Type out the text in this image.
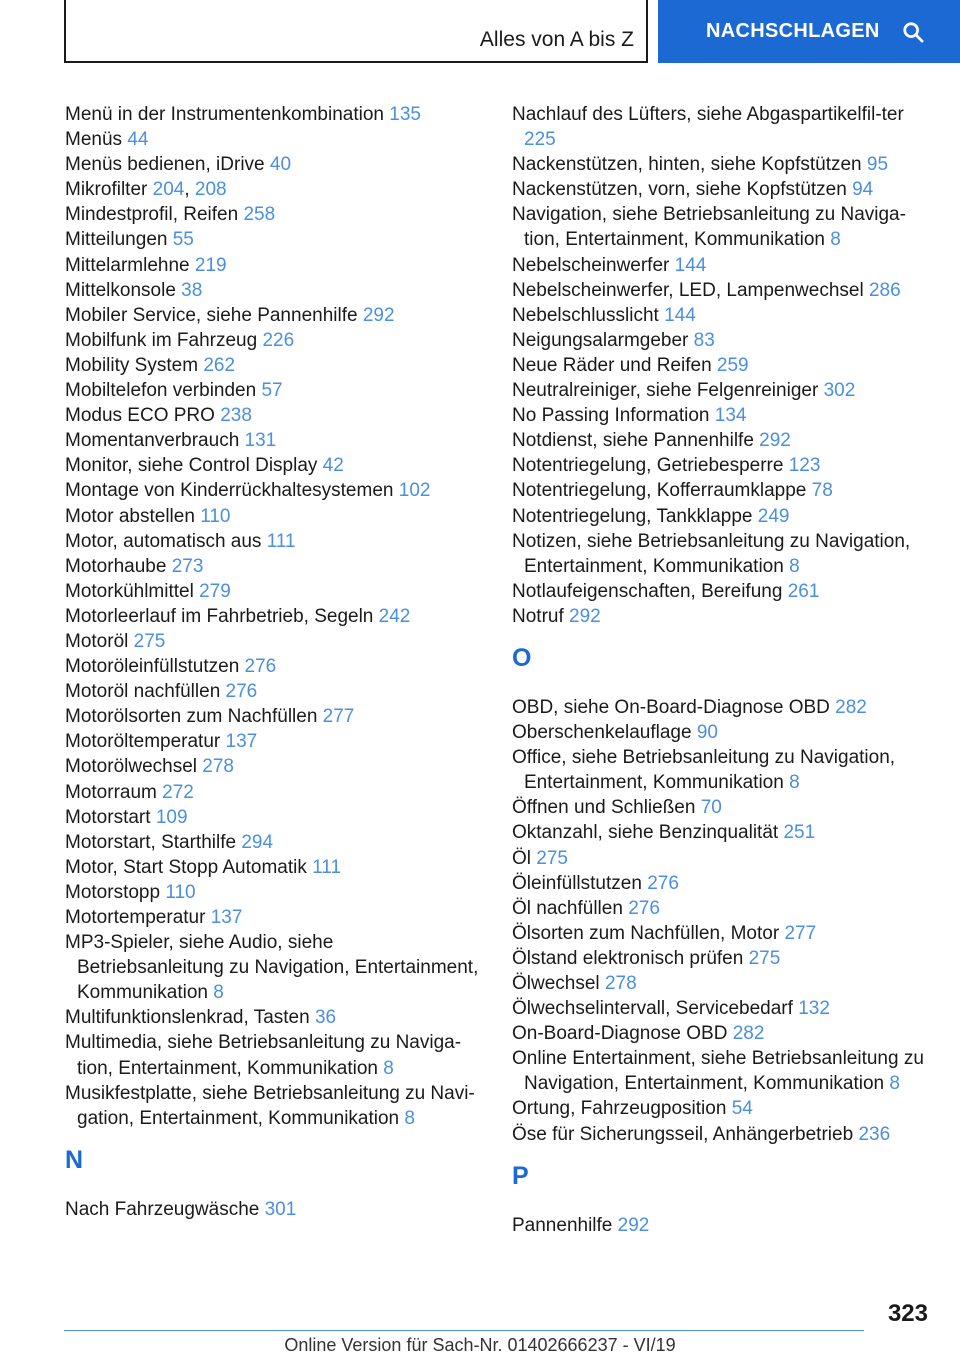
Alles von A bis Z	NACHSCHLAGEN
Menü in der Instrumentenkombination 135
Menüs 44
Menüs bedienen, iDrive 40
Mikrofilter 204, 208
Mindestprofil, Reifen 258
Mitteilungen 55
Mittelarmlehne 219
Mittelkonsole 38
Mobiler Service, siehe Pannenhilfe 292
Mobilfunk im Fahrzeug 226
Mobility System 262
Mobiltelefon verbinden 57
Modus ECO PRO 238
Momentanverbrauch 131
Monitor, siehe Control Display 42
Montage von Kinderrückhaltesystemen 102
Motor abstellen 110
Motor, automatisch aus 111
Motorhaube 273
Motorkühlmittel 279
Motorleerlauf im Fahrbetrieb, Segeln 242
Motoröl 275
Motoröleinfüllstutzen 276
Motoröl nachfüllen 276
Motorölsorten zum Nachfüllen 277
Motoröltemperatur 137
Motorölwechsel 278
Motorraum 272
Motorstart 109
Motorstart, Starthilfe 294
Motor, Start Stopp Automatik 111
Motorstopp 110
Motortemperatur 137
MP3-Spieler, siehe Audio, siehe Betriebsanleitung zu Navigation, Entertainment, Kommunikation 8
Multifunktionslenkrad, Tasten 36
Multimedia, siehe Betriebsanleitung zu Naviga-tion, Entertainment, Kommunikation 8
Musikfestplatte, siehe Betriebsanleitung zu Navi-gation, Entertainment, Kommunikation 8
N
Nach Fahrzeugwäsche 301
Nachlauf des Lüfters, siehe Abgaspartikelfil-ter 225
Nackenstützen, hinten, siehe Kopfstützen 95
Nackenstützen, vorn, siehe Kopfstützen 94
Navigation, siehe Betriebsanleitung zu Naviga-tion, Entertainment, Kommunikation 8
Nebelscheinwerfer 144
Nebelscheinwerfer, LED, Lampenwechsel 286
Nebelschlusslicht 144
Neigungsalarmgeber 83
Neue Räder und Reifen 259
Neutralreiniger, siehe Felgenreiniger 302
No Passing Information 134
Notdienst, siehe Pannenhilfe 292
Notentriegelung, Getriebesperre 123
Notentriegelung, Kofferraumklappe 78
Notentriegelung, Tankklappe 249
Notizen, siehe Betriebsanleitung zu Navigation, Entertainment, Kommunikation 8
Notlaufeigenschaften, Bereifung 261
Notruf 292
O
OBD, siehe On-Board-Diagnose OBD 282
Oberschenkelauflage 90
Office, siehe Betriebsanleitung zu Navigation, Entertainment, Kommunikation 8
Öffnen und Schließen 70
Oktanzahl, siehe Benzinqualität 251
Öl 275
Öleinfüllstutzen 276
Öl nachfüllen 276
Ölsorten zum Nachfüllen, Motor 277
Ölstand elektronisch prüfen 275
Ölwechsel 278
Ölwechselintervall, Servicebedarf 132
On-Board-Diagnose OBD 282
Online Entertainment, siehe Betriebsanleitung zu Navigation, Entertainment, Kommunikation 8
Ortung, Fahrzeugposition 54
Öse für Sicherungsseil, Anhängerbetrieb 236
P
Pannenhilfe 292
323
Online Version für Sach-Nr. 01402666237 - VI/19
